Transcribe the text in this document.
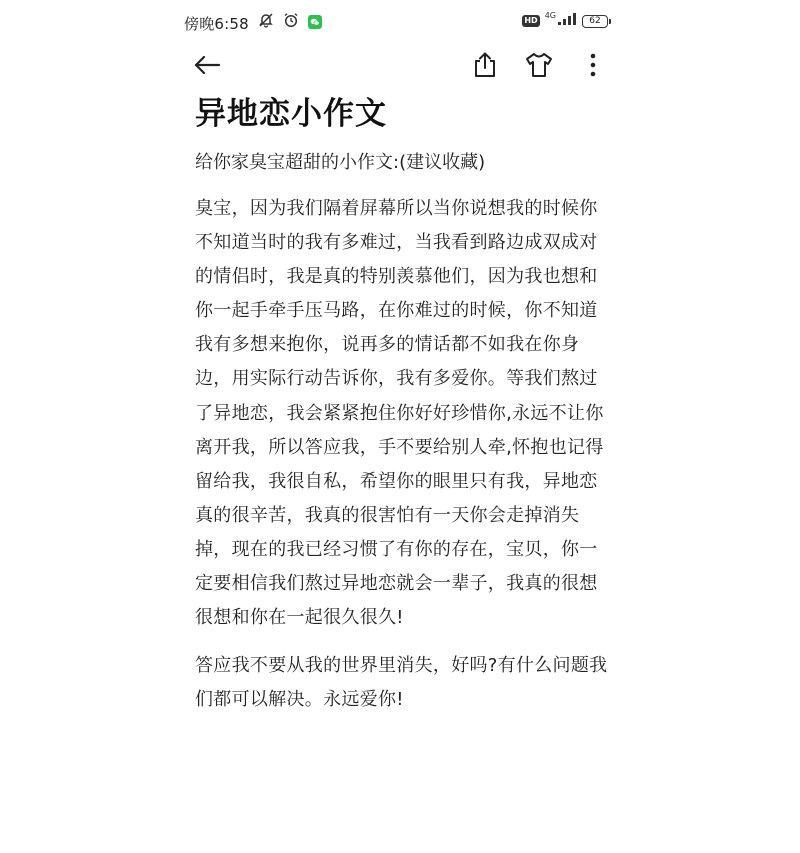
傍晚6:58	HD
4G
62
异地恋小作文
给你家臭宝超甜的小作文:(建议收藏)
臭宝，因为我们隔着屏幕所以当你说想我的时候你不知道当时的我有多难过，当我看到路边成双成对的情侣时，我是真的特别羡慕他们，因为我也想和你一起手牵手压马路，在你难过的时候，你不知道我有多想来抱你，说再多的情话都不如我在你身边，用实际行动告诉你，我有多爱你。等我们熬过了异地恋，我会紧紧抱住你好好珍惜你,永远不让你离开我，所以答应我，手不要给别人牵,怀抱也记得留给我，我很自私，希望你的眼里只有我，异地恋真的很辛苦，我真的很害怕有一天你会走掉消失掉，现在的我已经习惯了有你的存在，宝贝，你一定要相信我们熬过异地恋就会一辈子，我真的很想很想和你在一起很久很久!
答应我不要从我的世界里消失，好吗?有什么问题我们都可以解决。永远爱你!
